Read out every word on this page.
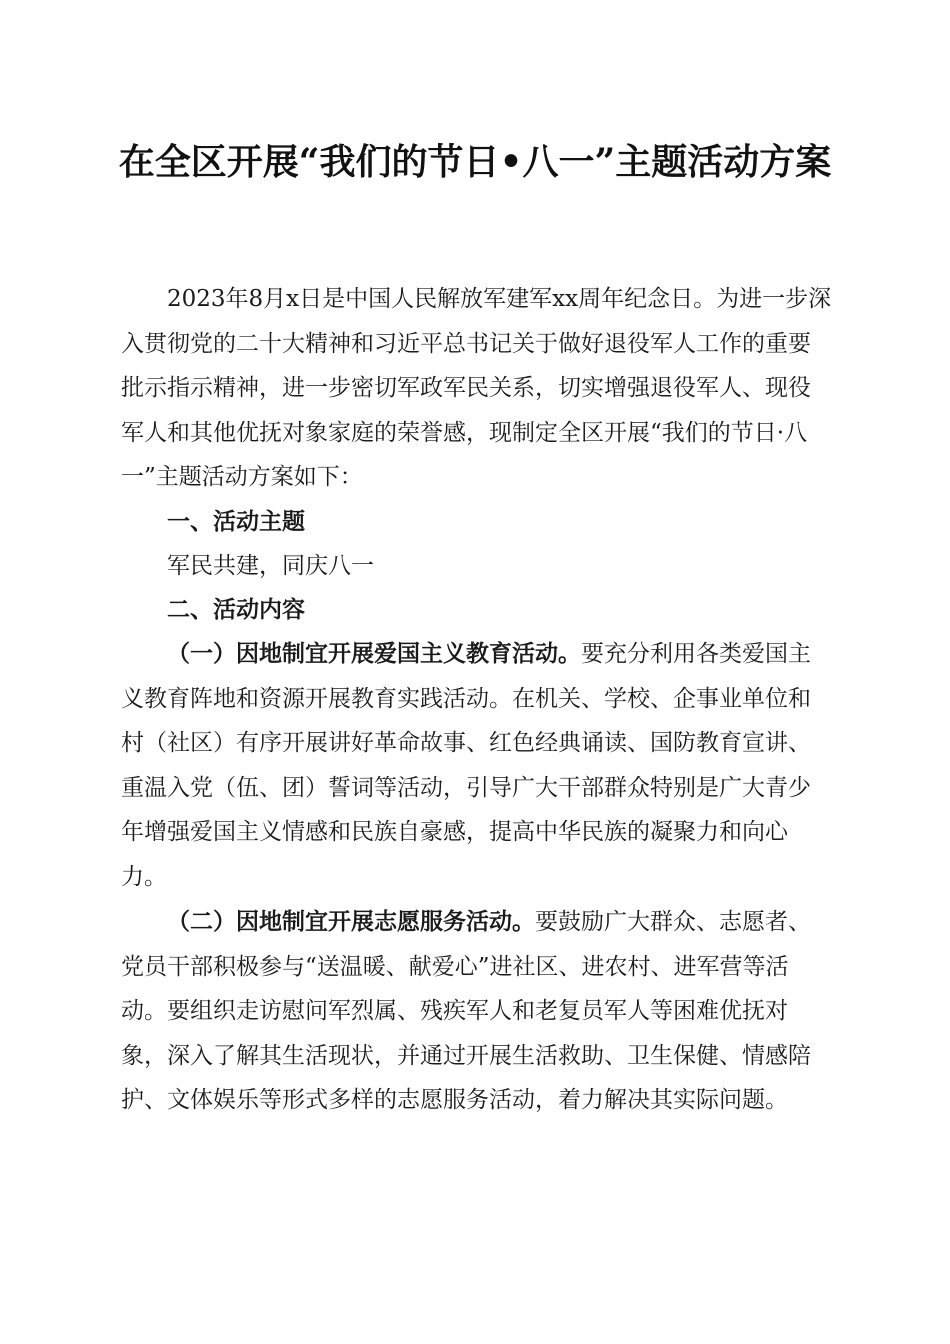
在全区开展“我们的节日•八一”主题活动方案

2023年8月x日是中国人民解放军建军xx周年纪念日。为进一步深入贯彻党的二十大精神和习近平总书记关于做好退役军人工作的重要批示指示精神，进一步密切军政军民关系，切实增强退役军人、现役军人和其他优抚对象家庭的荣誉感，现制定全区开展“我们的节日·八一”主题活动方案如下：

一、活动主题

军民共建，同庆八一

二、活动内容

（一）因地制宜开展爱国主义教育活动。要充分利用各类爱国主义教育阵地和资源开展教育实践活动。在机关、学校、企事业单位和村（社区）有序开展讲好革命故事、红色经典诵读、国防教育宣讲、重温入党（伍、团）誓词等活动，引导广大干部群众特别是广大青少年增强爱国主义情感和民族自豪感，提高中华民族的凝聚力和向心力。

（二）因地制宜开展志愿服务活动。要鼓励广大群众、志愿者、党员干部积极参与“送温暖、献爱心”进社区、进农村、进军营等活动。要组织走访慰问军烈属、残疾军人和老复员军人等困难优抚对象，深入了解其生活现状，并通过开展生活救助、卫生保健、情感陪护、文体娱乐等形式多样的志愿服务活动，着力解决其实际问题。
